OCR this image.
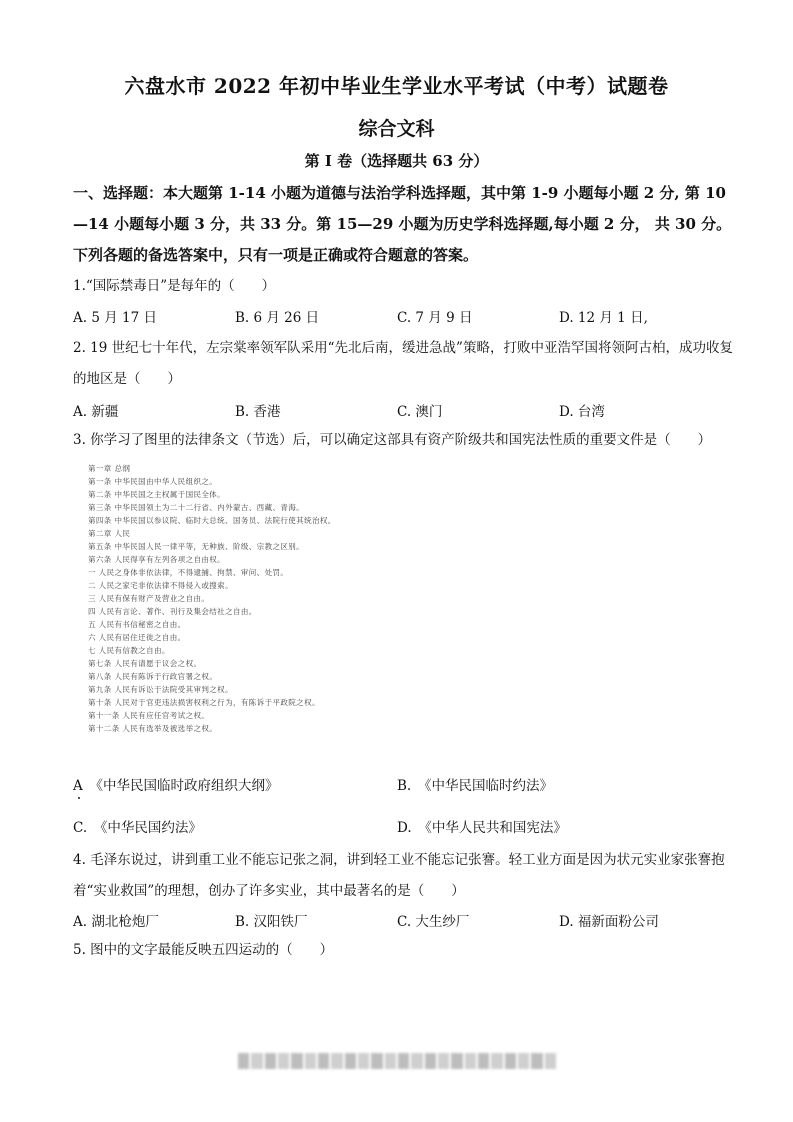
六盘水市 2022 年初中毕业生学业水平考试（中考）试题卷
综合文科
第 I 卷（选择题共 63 分）
一、选择题：本大题第 1-14 小题为道德与法治学科选择题，其中第 1-9 小题每小题 2 分, 第 10—14 小题每小题 3 分，共 33 分。第 15—29 小题为历史学科选择题,每小题 2 分， 共 30 分。下列各题的备选答案中，只有一项是正确或符合题意的答案。
1.“国际禁毒日”是每年的（　　）
A. 5 月 17 日	B. 6 月 26 日	C. 7 月 9 日	D. 12 月 1 日,
2. 19 世纪七十年代，左宗棠率领军队采用“先北后南，缓进急战”策略，打败中亚浩罕国将领阿古柏，成功收复的地区是（　　）
A. 新疆	B. 香港	C. 澳门	D. 台湾
3. 你学习了图里的法律条文（节选）后，可以确定这部具有资产阶级共和国宪法性质的重要文件是（　　）
第一章 总纲
第一条 中华民国由中华人民组织之。
第二条 中华民国之主权属于国民全体。
第三条 中华民国领土为二十二行省、内外蒙古、西藏、青海。
第四条 中华民国以参议院、临时大总统、国务员、法院行使其统治权。
第二章 人民
第五条 中华民国人民一律平等，无种族、阶级、宗教之区别。
第六条 人民得享有左列各项之自由权。
一 人民之身体非依法律，不得逮捕、拘禁、审问、处罚。
二 人民之家宅非依法律不得侵入或搜索。
三 人民有保有财产及营业之自由。
四 人民有言论、著作、刊行及集会结社之自由。
五 人民有书信秘密之自由。
六 人民有居住迁徙之自由。
七 人民有信教之自由。
第七条 人民有请愿于议会之权。
第八条 人民有陈诉于行政官署之权。
第九条 人民有诉讼于法院受其审判之权。
第十条 人民对于官吏违法损害权利之行为，有陈诉于平政院之权。
第十一条 人民有应任官考试之权。
第十二条 人民有选举及被选举之权。
A　《中华民国临时政府组织大纲》	B.　《中华民国临时约法》
C.　《中华民国约法》	D.　《中华人民共和国宪法》
4. 毛泽东说过，讲到重工业不能忘记张之洞，讲到轻工业不能忘记张謇。轻工业方面是因为状元实业家张謇抱着“实业救国”的理想，创办了许多实业，其中最著名的是（　　）
A. 湖北枪炮厂	B. 汉阳铁厂	C. 大生纱厂	D. 福新面粉公司
5. 图中的文字最能反映五四运动的（　　）
